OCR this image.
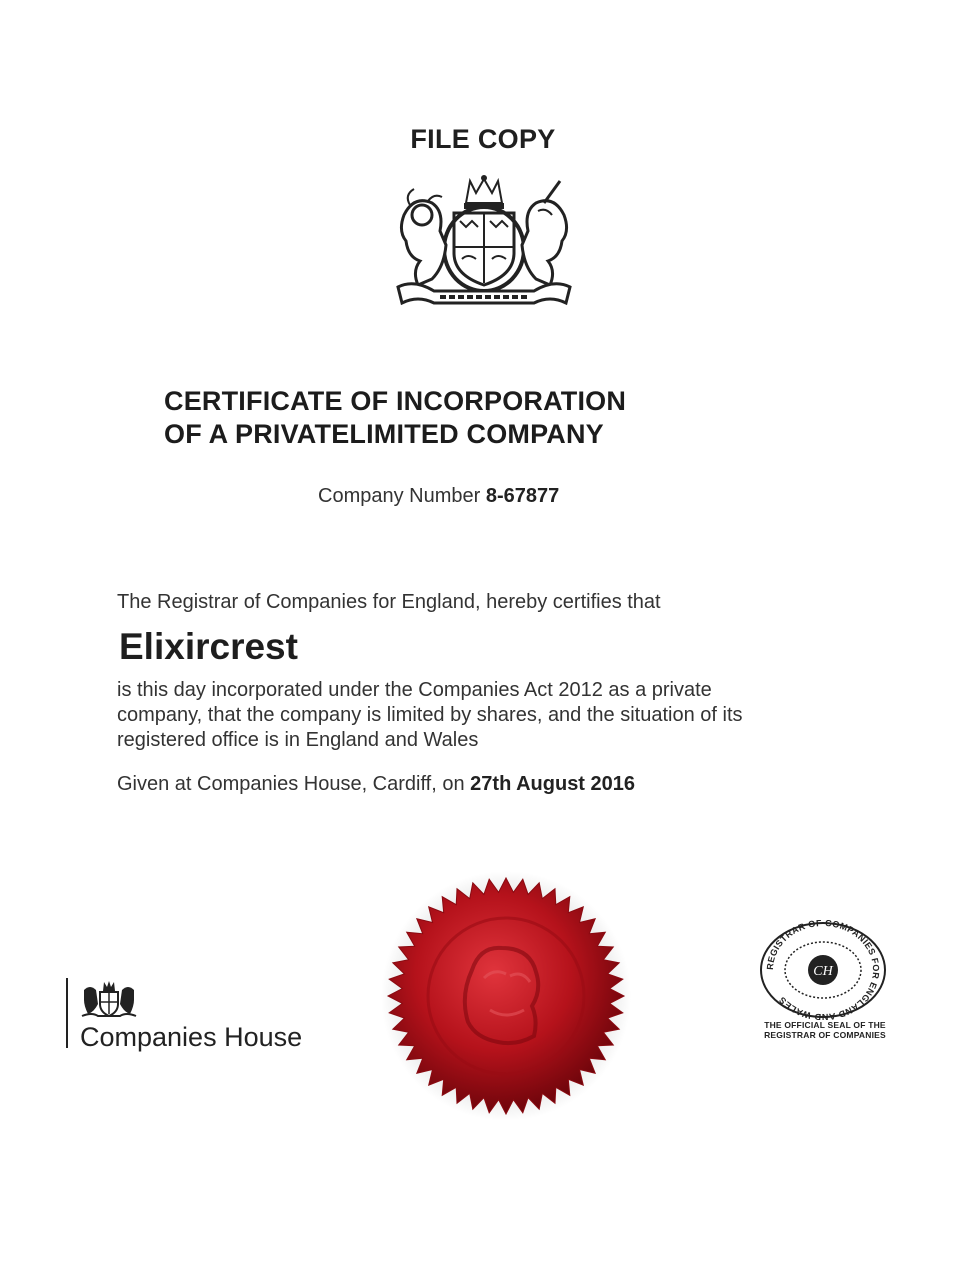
FILE COPY
CERTIFICATE OF INCORPORATION
OF A PRIVATELIMITED COMPANY
Company Number 8-67877
The Registrar of Companies for England, hereby certifies that
Elixircrest
is this day incorporated under the Companies Act 2012 as a private
company, that the company is limited by shares, and the situation of its
registered office is in England and Wales
Given at Companies House, Cardiff, on 27th August 2016
Companies House
REGISTRAR OF COMPANIES FOR ENGLAND AND WALES
CH
THE OFFICIAL SEAL OF THE
REGISTRAR OF COMPANIES
